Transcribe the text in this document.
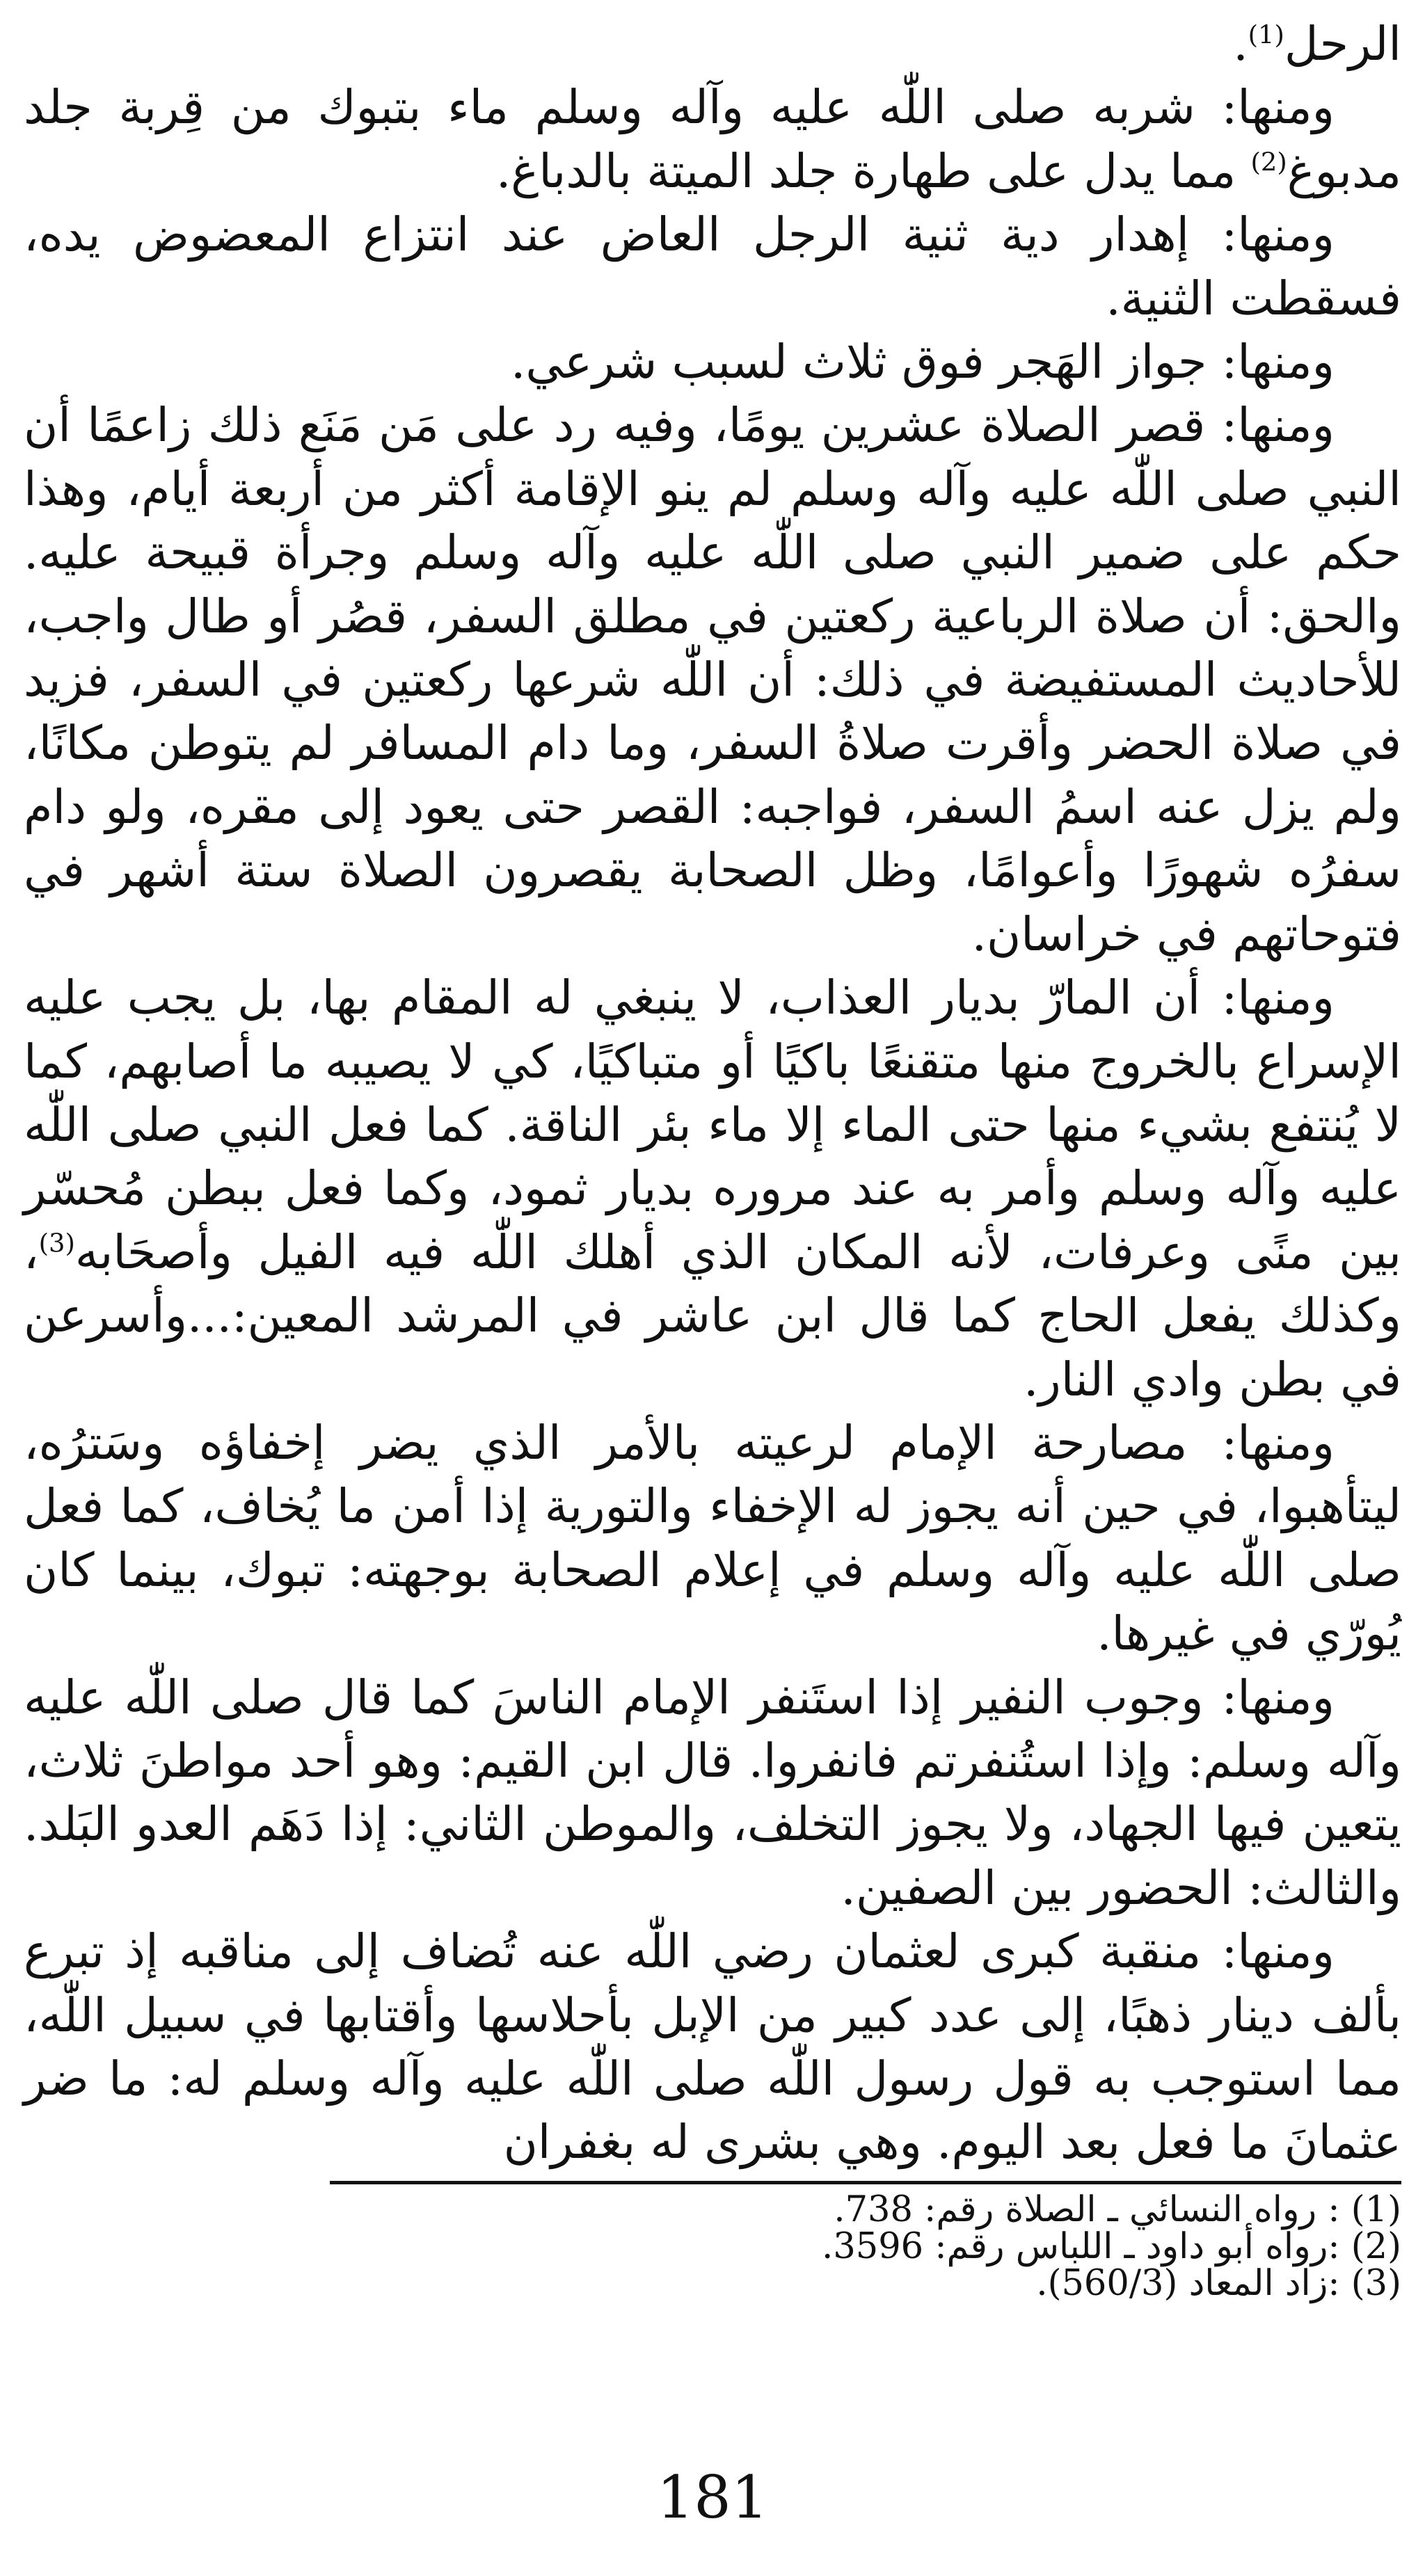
الرحل$^{(1)}$.

ومنها: شربه صلى اللّٰه عليه وآله وسلم ماء بتبوك من قِربة جلد مدبوغ$^{(2)}$ مما يدل على طهارة جلد الميتة بالدباغ.

ومنها: إهدار دية ثنية الرجل العاض عند انتزاع المعضوض يده، فسقطت الثنية.

ومنها: جواز الهَجر فوق ثلاث لسبب شرعي.

ومنها: قصر الصلاة عشرين يومًا، وفيه رد على مَن مَنَع ذلك زاعمًا أن النبي صلى اللّٰه عليه وآله وسلم لم ينو الإقامة أكثر من أربعة أيام، وهذا حكم على ضمير النبي صلى اللّٰه عليه وآله وسلم وجرأة قبيحة عليه. والحق: أن صلاة الرباعية ركعتين في مطلق السفر، قصُر أو طال واجب، للأحاديث المستفيضة في ذلك: أن اللّٰه شرعها ركعتين في السفر، فزيد في صلاة الحضر وأقرت صلاةُ السفر، وما دام المسافر لم يتوطن مكانًا، ولم يزل عنه اسمُ السفر، فواجبه: القصر حتى يعود إلى مقره، ولو دام سفرُه شهورًا وأعوامًا، وظل الصحابة يقصرون الصلاة ستة أشهر في فتوحاتهم في خراسان.

ومنها: أن المارّ بديار العذاب، لا ينبغي له المقام بها، بل يجب عليه الإسراع بالخروج منها متقنعًا باكيًا أو متباكيًا، كي لا يصيبه ما أصابهم، كما لا يُنتفع بشيء منها حتى الماء إلا ماء بئر الناقة. كما فعل النبي صلى اللّٰه عليه وآله وسلم وأمر به عند مروره بديار ثمود، وكما فعل ببطن مُحسّر بين منًى وعرفات، لأنه المكان الذي أهلك اللّٰه فيه الفيل وأصحَابه$^{(3)}$، وكذلك يفعل الحاج كما قال ابن عاشر في المرشد المعين:...وأسرعن في بطن وادي النار.

ومنها: مصارحة الإمام لرعيته بالأمر الذي يضر إخفاؤه وسَترُه، ليتأهبوا، في حين أنه يجوز له الإخفاء والتورية إذا أمن ما يُخاف، كما فعل صلى اللّٰه عليه وآله وسلم في إعلام الصحابة بوجهته: تبوك، بينما كان يُورّي في غيرها.

ومنها: وجوب النفير إذا استَنفر الإمام الناسَ كما قال صلى اللّٰه عليه وآله وسلم: وإذا استُنفرتم فانفروا. قال ابن القيم: وهو أحد مواطنَ ثلاث، يتعين فيها الجهاد، ولا يجوز التخلف، والموطن الثاني: إذا دَهَم العدو البَلد. والثالث: الحضور بين الصفين.

ومنها: منقبة كبرى لعثمان رضي اللّٰه عنه تُضاف إلى مناقبه إذ تبرع بألف دينار ذهبًا، إلى عدد كبير من الإبل بأحلاسها وأقتابها في سبيل اللّٰه، مما استوجب به قول رسول اللّٰه صلى اللّٰه عليه وآله وسلم له: ما ضر عثمانَ ما فعل بعد اليوم. وهي بشرى له بغفران

(1) : رواه النسائي ـ الصلاة رقم: 738.
(2) :رواه أبو داود ـ اللباس رقم: 3596.
(3) :زاد المعاد (560/3).
181
